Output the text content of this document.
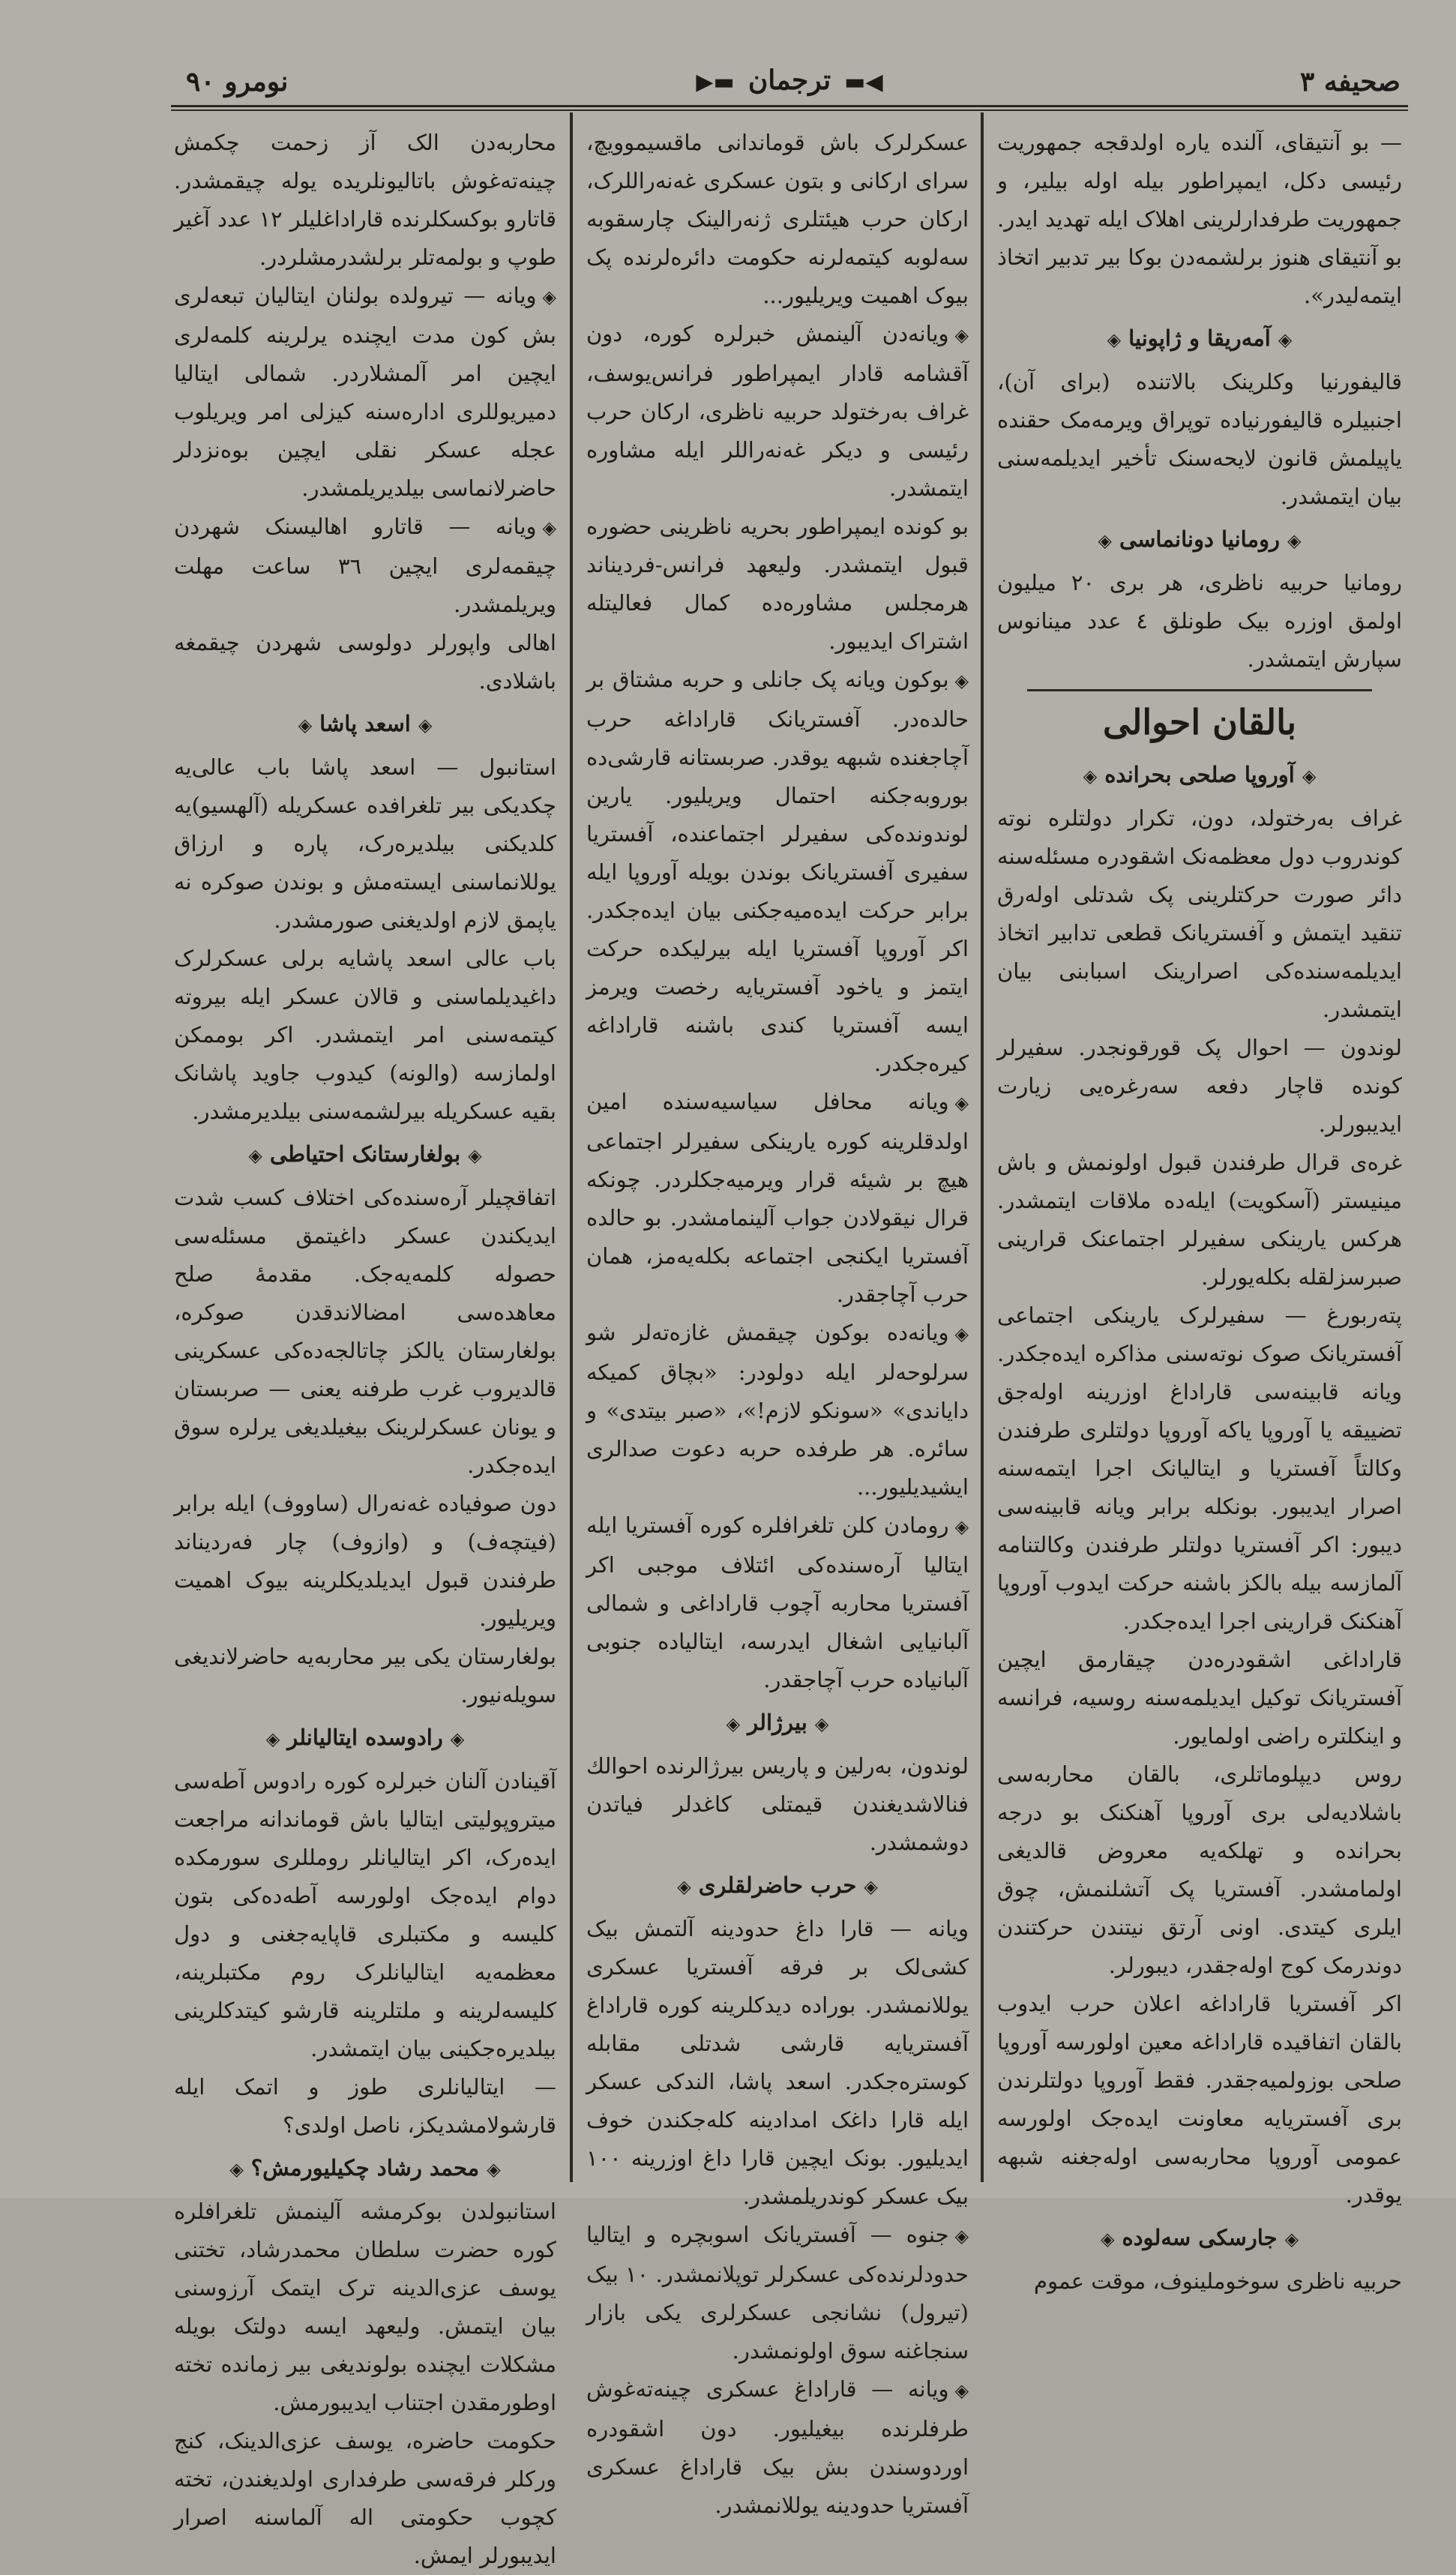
صحیفه ٣
◀▬ترجمان▬▶
نومرو ٩٠

— بو آنتیقای، آلنده یاره اولدقجه جمهوریت رئیسی دکل، ایمپراطور بیله اوله بیلیر، و جمهوریت طرفدارلرینی اهلاک ایله تهدید ایدر. بو آنتیقای هنوز برلشمه‌دن بوکا بیر تدبیر اتخاذ ایتمه‌لیدر».

◈آمه‌ریقا و ژاپونیا◈

قالیفورنیا وکلرینک بالاتنده (برای آن)، اجنبیلره قالیفورنیاده توپراق ویرمه‌مک حقنده یاپیلمش قانون لایحه‌سنک تأخیر ایدیلمه‌سنی بیان ایتمشدر.

◈رومانیا دونانماسی◈

رومانیا حربیه ناظری، هر بری ٢٠ میلیون اولمق اوزره بیک طونلق ٤ عدد مینانوس سپارش ایتمشدر.

بالقان احوالی
◈آوروپا صلحی بحرانده◈

غراف به‌رختولد، دون، تکرار دولتلره نوته کوندروب دول معظمه‌نک اشقودره مسئله‌سنه دائر صورت حرکتلرینی پک شدتلی اوله‌رق تنقید ایتمش و آفستریانک قطعی تدابیر اتخاذ ایدیلمه‌سنده‌کی اصرارینک اسبابنی بیان ایتمشدر.

لوندون — احوال پک قورقونجدر. سفیرلر کونده قاچار دفعه سه‌رغره‌یی زیارت ایدیبورلر.

غره‌ی قرال طرفندن قبول اولونمش و باش مینیستر (آسکویت) ایله‌ده ملاقات ایتمشدر. هرکس یارینکی سفیرلر اجتماعنک قرارینی صبرسزلقله بکله‌یورلر.

پته‌ربورغ — سفیرلرک یارینکی اجتماعی آفستریانک صوک نوته‌سنی مذاکره ایده‌جکدر. ویانه قابینه‌سی قاراداغ اوزرینه اوله‌جق تضییقه یا آوروپا یاکه آوروپا دولتلری طرفندن وکالتاً آفستریا و ایتالیانک اجرا ایتمه‌سنه اصرار ایدیبور. بونکله برابر ویانه قابینه‌سی دیبور: اکر آفستریا دولتلر طرفندن وکالتنامه آلمازسه بیله بالکز باشنه حرکت ایدوب آوروپا آهنکنک قرارینی اجرا ایده‌جکدر.

قاراداغی اشقودره‌دن چیقارمق ایچین آفستریانک توکیل ایدیلمه‌سنه روسیه، فرانسه و اینکلتره راضی اولمایور.

روس دیپلوماتلری، بالقان محاربه‌سی باشلادیه‌لی بری آوروپا آهنکنک بو درجه بحرانده و تهلکه‌یه معروض قالدیغی اولمامشدر. آفستریا پک آتشلنمش، چوق ایلری کیتدی. اونی آرتق نیتندن حرکتندن دوندرمک کوج اوله‌جقدر، دیبورلر.

اکر آفستریا قاراداغه اعلان حرب ایدوب بالقان اتفاقیده قاراداغه معین اولورسه آوروپا صلحی بوزولمیه‌جقدر. فقط آوروپا دولتلرندن بری آفستریایه معاونت ایده‌جک اولورسه عمومی آوروپا محاربه‌سی اوله‌جغنه شبهه یوقدر.

◈جارسکی سه‌لوده◈

حربیه ناظری سوخوملینوف، موقت عموم

عسکرلرک باش قوماندانی ماقسیموویچ، سرای ارکانی و بتون عسکری غه‌نه‌راللرک، ارکان حرب هیئتلری ژنه‌رالینک چارسقوبه سه‌لوبه کیتمه‌لرنه حکومت دائره‌لرنده پک بیوک اهمیت ویریلیور...

◈ویانه‌دن آلینمش خبرلره کوره، دون آقشامه قادار ایمپراطور فرانس‌یوسف، غراف به‌رختولد حربیه ناظری، ارکان حرب رئیسی و دیکر غه‌نه‌راللر ایله مشاوره ایتمشدر.

بو کونده ایمپراطور بحریه ناظرینی حضوره قبول ایتمشدر. ولیعهد فرانس-فردیناند هرمجلس مشاوره‌ده کمال فعالیتله اشتراک ایدیبور.

◈بوکون ویانه پک جانلی و حربه مشتاق بر حالده‌در. آفستریانک قاراداغه حرب آچاجغنده شبهه یوقدر. صربستانه قارشی‌ده بوروبه‌جکنه احتمال ویریلیور. یارین لوندونده‌کی سفیرلر اجتماعنده، آفستریا سفیری آفستریانک بوندن بویله آوروپا ایله برابر حرکت ایده‌میه‌جکنی بیان ایده‌جکدر. اکر آوروپا آفستریا ایله بیرلیکده حرکت ایتمز و یاخود آفستریایه رخصت ویرمز ایسه آفستریا کندی باشنه قاراداغه کیره‌جکدر.

◈ویانه محافل سیاسیه‌سنده امین اولدقلرینه کوره یارینکی سفیرلر اجتماعی هیچ بر شیئه قرار ویرمیه‌جکلردر. چونکه قرال نیقولادن جواب آلینمامشدر. بو حالده آفستریا ایکنجی اجتماعه بکله‌یه‌مز، همان حرب آچاجقدر.

◈ویانه‌ده بوکون چیقمش غازه‌ته‌لر شو سرلوحه‌لر ایله دولودر: «بچاق کمیکه دایاندی» «سونکو لازم!»، «صبر بیتدی» و سائره. هر طرفده حربه دعوت صدالری ایشیدیلیور...

◈رومادن کلن تلغرافلره کوره آفستریا ایله ایتالیا آره‌سنده‌کی ائتلاف موجبی اکر آفستریا محاربه آچوب قاراداغی و شمالی آلبانیایی اشغال ایدرسه، ایتالیاده جنوبی آلبانیاده حرب آچاجقدر.

◈بیرژالر◈

لوندون، به‌رلین و پاریس بیرژالرنده احوالك فنالاشدیغندن قیمتلی کاغدلر فیاتدن دوشمشدر.

◈حرب حاضرلقلری◈

ویانه — قارا داغ حدودینه آلتمش بیک کشی‌لک بر فرقه آفستریا عسکری یوللانمشدر. بوراده دیدکلرینه کوره قاراداغ آفستریایه قارشی شدتلی مقابله کوستره‌جکدر. اسعد پاشا، الندکی عسکر ایله قارا داغک امدادینه کله‌جکندن خوف ایدیلیور. بونک ایچین قارا داغ اوزرینه ١٠٠ بیک عسکر کوندریلمشدر.

◈جنوه — آفستریانک اسوبچره و ایتالیا حدودلرنده‌کی عسکرلر توپلانمشدر. ١٠ بیک (تیرول) نشانجی عسکرلری یکی بازار سنجاغنه سوق اولونمشدر.

◈ویانه — قاراداغ عسکری چینه‌ته‌غوش طرفلرنده بیغیلیور. دون اشقودره اوردوسندن بش بیک قاراداغ عسکری آفستریا حدودینه یوللانمشدر.

محاربه‌دن الک آز زحمت چکمش چینه‌ته‌غوش باتالیونلریده یوله چیقمشدر. قاتارو بوکسکلرنده قاراداغلیلر ١٢ عدد آغیر طوپ و بولمه‌تلر برلشدرمشلردر.

◈ویانه — تیرولده بولنان ایتالیان تبعه‌لری بش کون مدت ایچنده یرلرینه کلمه‌لری ایچین امر آلمشلاردر. شمالی ایتالیا دمیریوللری اداره‌سنه کیزلی امر ویریلوب عجله عسکر نقلی ایچین بوه‌نزدلر حاضرلانماسی بیلدیریلمشدر.

◈ویانه — قاتارو اهالیسنک شهردن چیقمه‌لری ایچین ٣٦ ساعت مهلت ویریلمشدر.

اهالی واپورلر دولوسی شهردن چیقمغه باشلادی.

◈اسعد پاشا◈

استانبول — اسعد پاشا باب عالی‌یه چکدیکی بیر تلغرافده عسکریله (آلهسیو)یه کلدیکنی بیلدیره‌رک، پاره و ارزاق یوللانماسنی ایسته‌مش و بوندن صوکره نه یاپمق لازم اولدیغنی صورمشدر.

باب عالی اسعد پاشایه برلی عسکرلرک داغیدیلماسنی و قالان عسکر ایله بیروته کیتمه‌سنی امر ایتمشدر. اکر بوممکن اولمازسه (والونه) کیدوب جاوید پاشانک بقیه عسکریله بیرلشمه‌سنی بیلدیرمشدر.

◈بولغارستانک احتیاطی◈

اتفاقچیلر آره‌سنده‌کی اختلاف کسب شدت ایدیکندن عسکر داغیتمق مسئله‌سی حصوله کلمه‌یه‌جک. مقدمهٔ صلح معاهده‌سی امضالاندقدن صوکره، بولغارستان یالکز چاتالجه‌ده‌کی عسکرینی قالدیروب غرب طرفنه یعنی — صربستان و یونان عسکرلرینک بیغیلدیغی یرلره سوق ایده‌جکدر.

دون صوفیاده غه‌نه‌رال (ساووف) ایله برابر (فیتچه‌ف) و (وازوف) چار فه‌ردیناند طرفندن قبول ایدیلدیکلرینه بیوک اهمیت ویریلیور.

بولغارستان یکی بیر محاربه‌یه حاضرلاندیغی سویله‌نیور.

◈رادوسده ایتالیانلر◈

آقینادن آلنان خبرلره کوره رادوس آطه‌سی میتروپولیتی ایتالیا باش قوماندانه مراجعت ایده‌رک، اکر ایتالیانلر رومللری سورمکده دوام ایده‌جک اولورسه آطه‌ده‌کی بتون کلیسه و مکتبلری قاپایه‌جغنی و دول معظمه‌یه ایتالیانلرک روم مکتبلرینه، کلیسه‌لرینه و ملتلرینه قارشو کیتدکلرینی بیلدیره‌جکینی بیان ایتمشدر.

— ایتالیانلری طوز و اتمک ایله قارشولامشدیکز، ناصل اولدی؟

◈محمد رشاد چکیلیورمش؟◈

استانبولدن بوکرمشه آلینمش تلغرافلره کوره حضرت سلطان محمدرشاد، تختنی یوسف عزی‌الدینه ترک ایتمک آرزوسنی بیان ایتمش. ولیعهد ایسه دولتک بویله مشکلات ایچنده بولوندیغی بیر زمانده تخته اوطورمقدن اجتناب ایدیبورمش.

حکومت حاضره، یوسف عزی‌الدینک، کنج ورکلر فرقه‌سی طرفداری اولدیغندن، تخته کچوب حکومتی اله آلماسنه اصرار ایدیبورلر ایمش.
